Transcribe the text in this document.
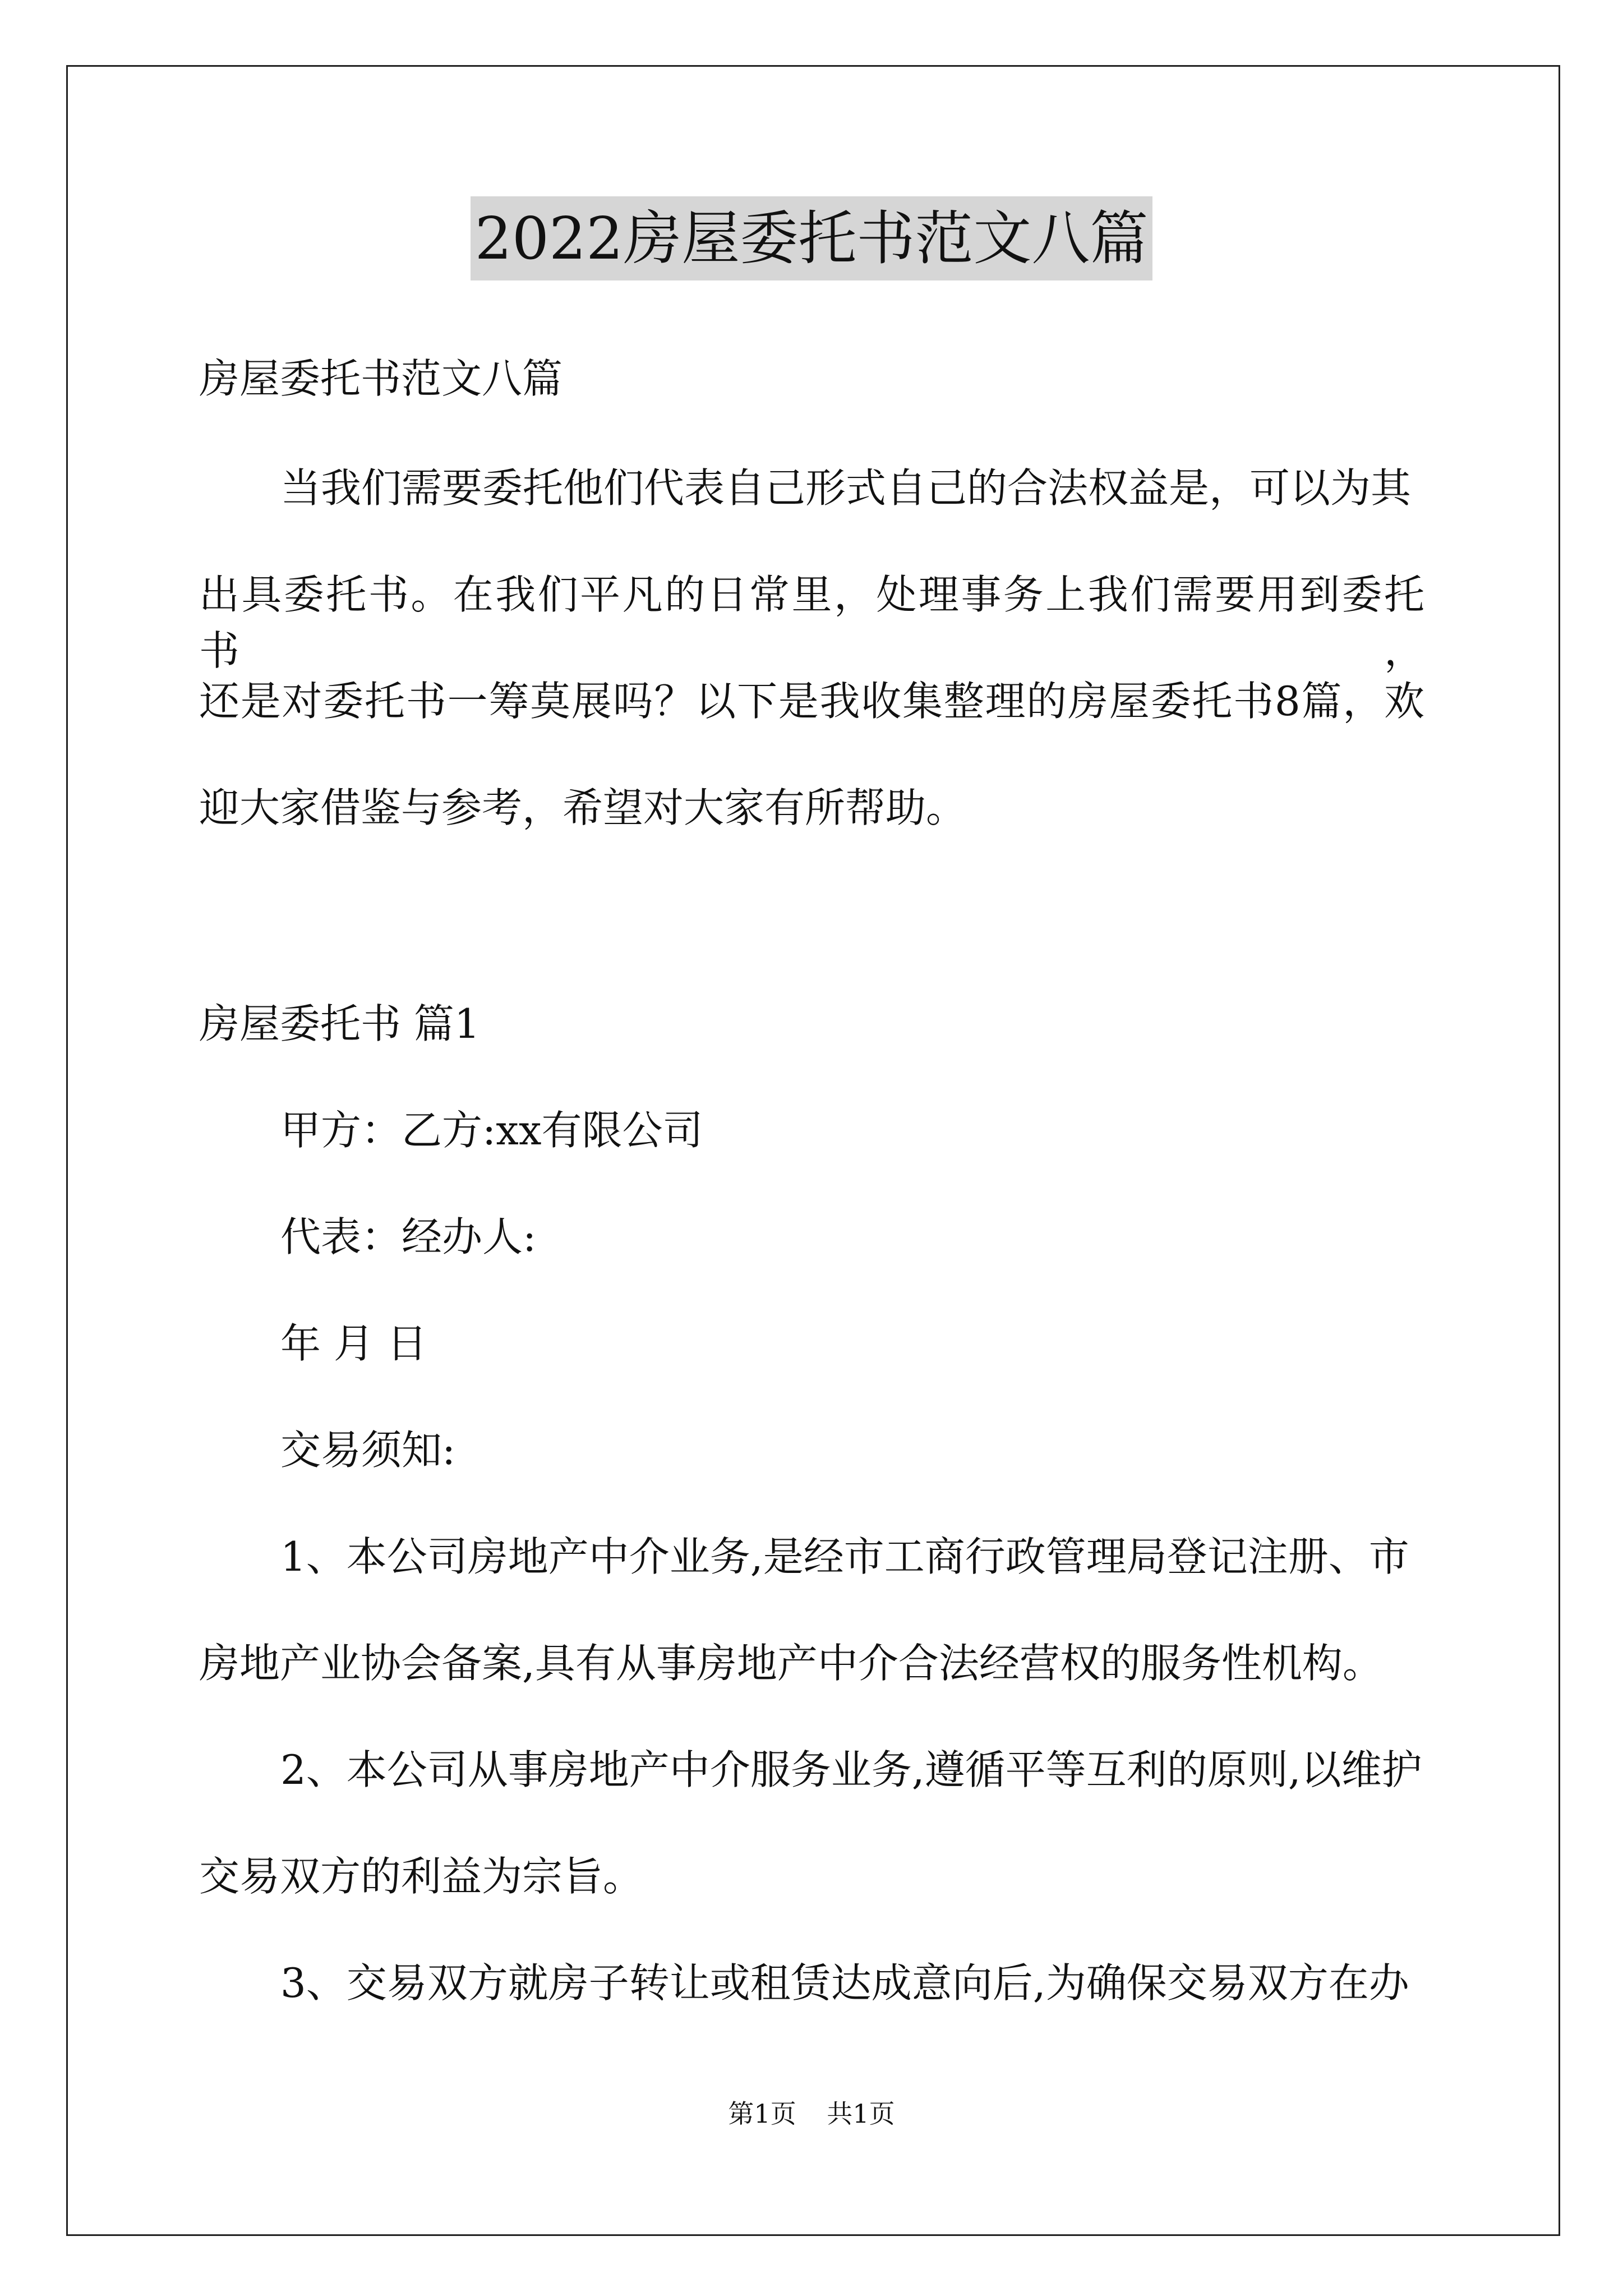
2022房屋委托书范文八篇
房屋委托书范文八篇
当我们需要委托他们代表自己形式自己的合法权益是，可以为其
出具委托书。在我们平凡的日常里，处理事务上我们需要用到委托书，
还是对委托书一筹莫展吗？以下是我收集整理的房屋委托书8篇，欢
迎大家借鉴与参考，希望对大家有所帮助。
房屋委托书 篇1
甲方：乙方:xx有限公司
代表：经办人:
年 月 日
交易须知:
1、本公司房地产中介业务,是经市工商行政管理局登记注册、市
房地产业协会备案,具有从事房地产中介合法经营权的服务性机构。
2、本公司从事房地产中介服务业务,遵循平等互利的原则,以维护
交易双方的利益为宗旨。
3、交易双方就房子转让或租赁达成意向后,为确保交易双方在办
第1页 共1页
